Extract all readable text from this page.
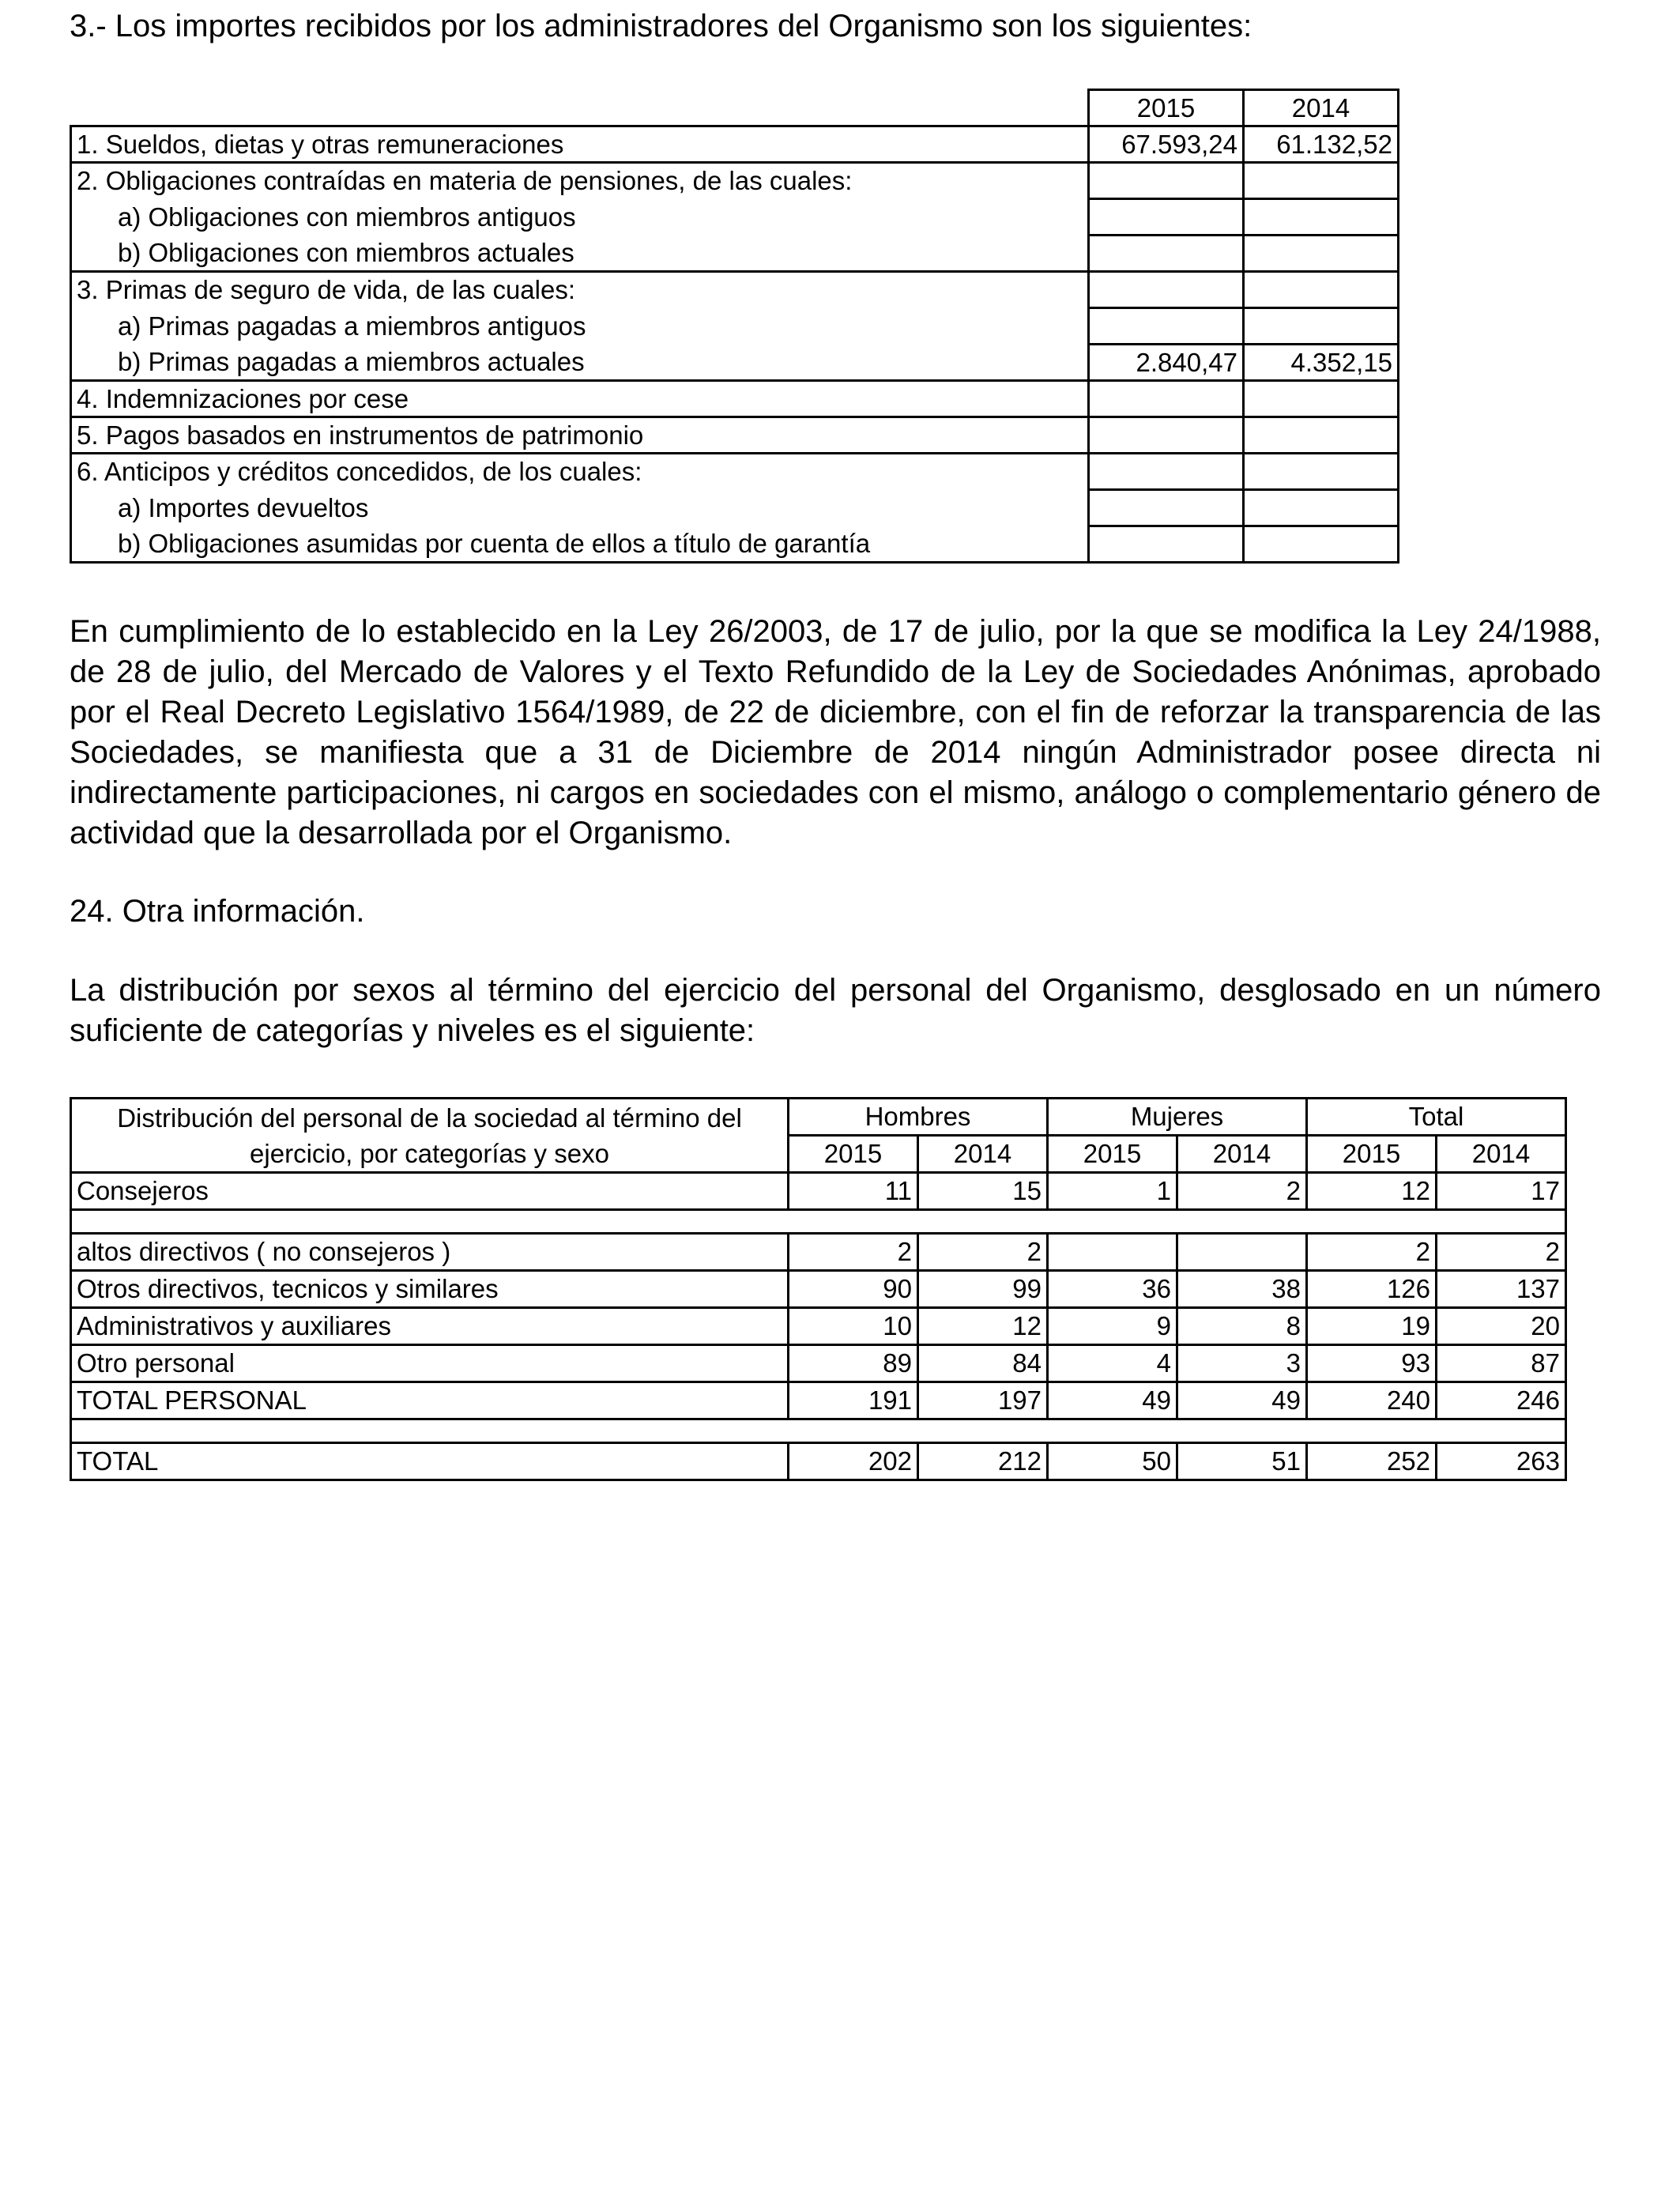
3.- Los importes recibidos por los administradores del Organismo son los siguientes:

	2015	2014
1. Sueldos, dietas y otras remuneraciones	67.593,24	61.132,52
2. Obligaciones contraídas en materia de pensiones, de las cuales:		
a) Obligaciones con miembros antiguos		
b) Obligaciones con miembros actuales		
3. Primas de seguro de vida, de las cuales:		
a) Primas pagadas a miembros antiguos		
b) Primas pagadas a miembros actuales	2.840,47	4.352,15
4. Indemnizaciones por cese		
5. Pagos basados en instrumentos de patrimonio		
6. Anticipos y créditos concedidos, de los cuales:		
a) Importes devueltos		
b) Obligaciones asumidas por cuenta de ellos a título de garantía		

En cumplimiento de lo establecido en la Ley 26/2003, de 17 de julio, por la que se modifica la Ley 24/1988, de 28 de julio, del Mercado de Valores y el Texto Refundido de la Ley de Sociedades Anónimas, aprobado por el Real Decreto Legislativo 1564/1989, de 22 de diciembre, con el fin de reforzar la transparencia de las Sociedades, se manifiesta que a 31 de Diciembre de 2014 ningún Administrador posee directa ni indirectamente participaciones, ni cargos en sociedades con el mismo, análogo o complementario género de actividad que la desarrollada por el Organismo.

24. Otra información.

La distribución por sexos al término del ejercicio del personal del Organismo, desglosado en un número suficiente de categorías y niveles es el siguiente:

Distribución del personal de la sociedad al término del ejercicio, por categorías y sexo	Hombres		Mujeres		Total	
	2015	2014	2015	2014	2015	2014
Consejeros	11	15	1	2	12	17

altos directivos ( no consejeros )	2	2			2	2
Otros directivos, tecnicos y similares	90	99	36	38	126	137
Administrativos y auxiliares	10	12	9	8	19	20
Otro personal	89	84	4	3	93	87
TOTAL PERSONAL	191	197	49	49	240	246

TOTAL	202	212	50	51	252	263
